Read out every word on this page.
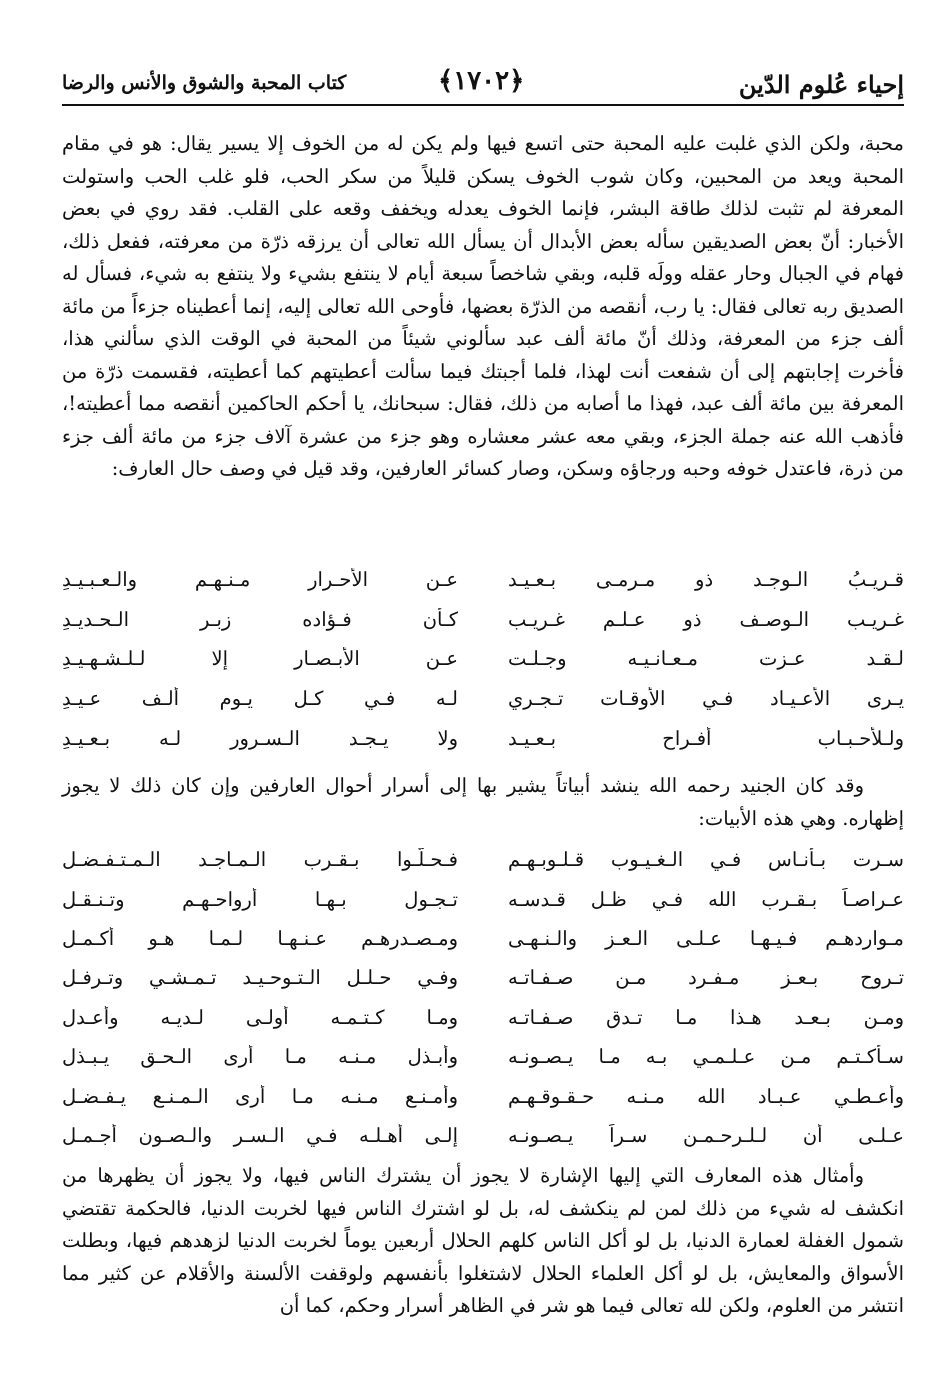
إحياء عُلوم الدّين
﴾١٧٠٢﴿
كتاب المحبة والشوق والأنس والرضا

محبة، ولكن الذي غلبت عليه المحبة حتى اتسع فيها ولم يكن له من الخوف إلا يسير يقال: هو في مقام المحبة ويعد من المحبين، وكان شوب الخوف يسكن قليلاً من سكر الحب، فلو غلب الحب واستولت المعرفة لم تثبت لذلك طاقة البشر، فإنما الخوف يعدله ويخفف وقعه على القلب. فقد روي في بعض الأخبار: أنّ بعض الصديقين سأله بعض الأبدال أن يسأل الله تعالى أن يرزقه ذرّة من معرفته، ففعل ذلك، فهام في الجبال وحار عقله وولَه قلبه، وبقي شاخصاً سبعة أيام لا ينتفع بشيء ولا ينتفع به شيء، فسأل له الصديق ربه تعالى فقال: يا رب، أنقصه من الذرّة بعضها، فأوحى الله تعالى إليه، إنما أعطيناه جزءاً من مائة ألف جزء من المعرفة، وذلك أنّ مائة ألف عبد سألوني شيئاً من المحبة في الوقت الذي سألني هذا، فأخرت إجابتهم إلى أن شفعت أنت لهذا، فلما أجبتك فيما سألت أعطيتهم كما أعطيته، فقسمت ذرّة من المعرفة بين مائة ألف عبد، فهذا ما أصابه من ذلك، فقال: سبحانك، يا أحكم الحاكمين أنقصه مما أعطيته!، فأذهب الله عنه جملة الجزء، وبقي معه عشر معشاره وهو جزء من عشرة آلاف جزء من مائة ألف جزء من ذرة، فاعتدل خوفه وحبه ورجاؤه وسكن، وصار كسائر العارفين، وقد قيل في وصف حال العارف:

قـريـبُ الـوجـد ذو مـرمـى بـعـيـد
عـن الأحـرار مـنـهـم والـعـبـيـدِ
غـريـب الـوصـف ذو عـلـم غـريـب
كـأن فـؤاده زبـر الـحـديـدِ
لـقـد عـزت مـعـانـيـه وجـلـت
عـن الأبـصـار إلا لـلـشـهـيـدِ
يـرى الأعـيـاد فـي الأوقـات تـجـري
لـه فـي كـل يـوم ألـف عـيـدِ
ولـلأحـبـاب أفـراح بـعـيـد
ولا يـجـد الـسـرور لـه بـعـيـدِ

وقد كان الجنيد رحمه الله ينشد أبياتاً يشير بها إلى أسرار أحوال العارفين وإن كان ذلك لا يجوز إظهاره. وهي هذه الأبيات:

سـرت بـأنـاس فـي الـغـيـوب قـلـوبـهـم
فـحـلّـوا بـقـرب الـمـاجـد الـمـتـفـضـلِ
عـراصـاً بـقـرب الله فـي ظـل قـدسـه
تـجـول بـهـا أرواحـهـم وتـنـقـلِ
مـواردهـم فـيـهـا عـلـى الـعـز والـنـهـى
ومـصـدرهـم عـنـهـا لـمـا هـو أكـمـلِ
تـروح بـعـز مـفـرد مـن صـفـاتـه
وفـي حـلـل الـتـوحـيـد تـمـشـي وتـرفـلِ
ومـن بـعـد هـذا مـا تـدق صـفـاتـه
ومـا كـتـمـه أولـى لـديـه وأعـدلِ
سـأكـتـم مـن عـلـمـي بـه مـا يـصـونـه
وأبـذل مـنـه مـا أرى الـحـق يـبـذلِ
وأعـطـي عـبـاد الله مـنـه حـقـوقـهـم
وأمـنـع مـنـه مـا أرى الـمـنـع يـفـضـلِ
عـلـى أن لـلـرحـمـن سـراً يـصـونـه
إلـى أهـلـه فـي الـسـر والـصـون أجـمـلِ

وأمثال هذه المعارف التي إليها الإشارة لا يجوز أن يشترك الناس فيها، ولا يجوز أن يظهرها من انكشف له شيء من ذلك لمن لم ينكشف له، بل لو اشترك الناس فيها لخربت الدنيا، فالحكمة تقتضي شمول الغفلة لعمارة الدنيا، بل لو أكل الناس كلهم الحلال أربعين يوماً لخربت الدنيا لزهدهم فيها، وبطلت الأسواق والمعايش، بل لو أكل العلماء الحلال لاشتغلوا بأنفسهم ولوقفت الألسنة والأقلام عن كثير مما انتشر من العلوم، ولكن لله تعالى فيما هو شر في الظاهر أسرار وحكم، كما أن
